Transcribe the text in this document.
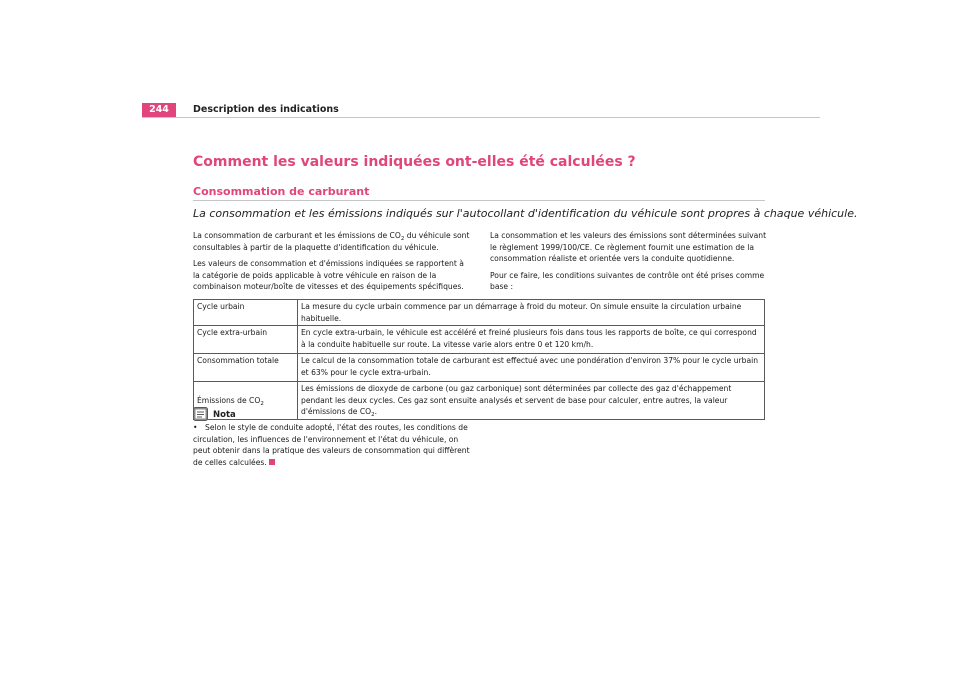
244	Description des indications
Comment les valeurs indiquées ont-elles été calculées ?
Consommation de carburant
La consommation et les émissions indiqués sur l'autocollant d'identification du véhicule sont propres à chaque véhicule.

La consommation de carburant et les émissions de $CO_2$ du véhicule sont consultables à partir de la plaquette d'identification du véhicule.

Les valeurs de consommation et d'émissions indiquées se rapportent à la catégorie de poids applicable à votre véhicule en raison de la combinaison moteur/boîte de vitesses et des équipements spécifiques.

La consommation et les valeurs des émissions sont déterminées suivant le règlement 1999/100/CE. Ce règlement fournit une estimation de la consommation réaliste et orientée vers la conduite quotidienne.

Pour ce faire, les conditions suivantes de contrôle ont été prises comme base :

Cycle urbain	La mesure du cycle urbain commence par un démarrage à froid du moteur. On simule ensuite la circulation urbaine habituelle.
Cycle extra-urbain	En cycle extra-urbain, le véhicule est accéléré et freiné plusieurs fois dans tous les rapports de boîte, ce qui correspond à la conduite habituelle sur route. La vitesse varie alors entre 0 et 120 km/h.
Consommation totale	Le calcul de la consommation totale de carburant est effectué avec une pondération d'environ 37% pour le cycle urbain et 63% pour le cycle extra-urbain.
Émissions de $CO_2$	Les émissions de dioxyde de carbone (ou gaz carbonique) sont déterminées par collecte des gaz d'échappement pendant les deux cycles. Ces gaz sont ensuite analysés et servent de base pour calculer, entre autres, la valeur d'émissions de $CO_2$.
Nota
• Selon le style de conduite adopté, l'état des routes, les conditions de circulation, les influences de l'environnement et l'état du véhicule, on peut obtenir dans la pratique des valeurs de consommation qui diffèrent de celles calculées.
